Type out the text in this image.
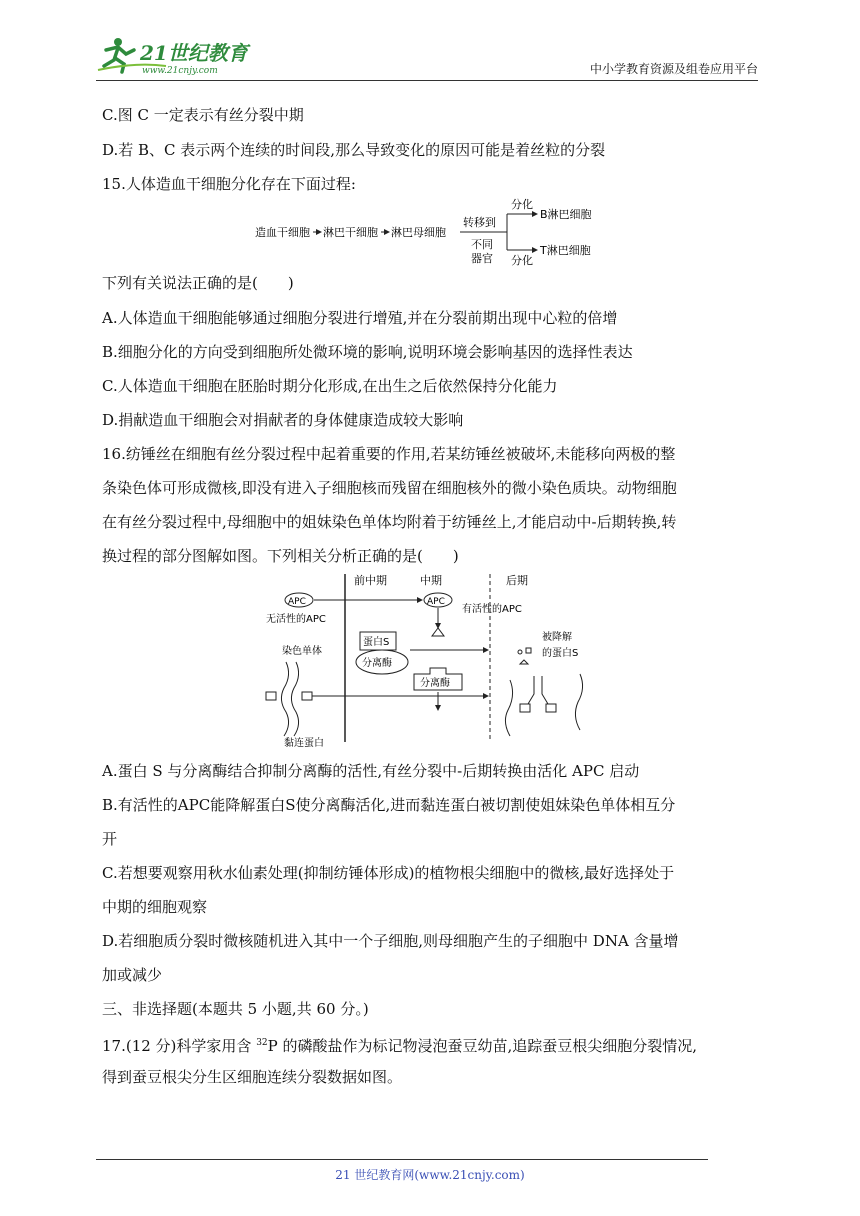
21世纪教育
www.21cnjy.com	中小学教育资源及组卷应用平台
C.图 C 一定表示有丝分裂中期
D.若 B、C 表示两个连续的时间段,那么导致变化的原因可能是着丝粒的分裂
15.人体造血干细胞分化存在下面过程:
造血干细胞 淋巴干细胞 淋巴母细胞
转移到
不同
器官
分化
分化
B淋巴细胞
T淋巴细胞
下列有关说法正确的是(　　)
A.人体造血干细胞能够通过细胞分裂进行增殖,并在分裂前期出现中心粒的倍增
B.细胞分化的方向受到细胞所处微环境的影响,说明环境会影响基因的选择性表达
C.人体造血干细胞在胚胎时期分化形成,在出生之后依然保持分化能力
D.捐献造血干细胞会对捐献者的身体健康造成较大影响
16.纺锤丝在细胞有丝分裂过程中起着重要的作用,若某纺锤丝被破坏,未能移向两极的整
条染色体可形成微核,即没有进入子细胞核而残留在细胞核外的微小染色质块。动物细胞
在有丝分裂过程中,母细胞中的姐妹染色单体均附着于纺锤丝上,才能启动中-后期转换,转
换过程的部分图解如图。下列相关分析正确的是(　　)
前中期	中期	后期
APC
无活性的APC
APC
有活性的APC
蛋白S
分离酶
分离酶
染色单体
黏连蛋白
被降解
的蛋白S
A.蛋白 S 与分离酶结合抑制分离酶的活性,有丝分裂中-后期转换由活化 APC 启动
B.有活性的APC能降解蛋白S使分离酶活化,进而黏连蛋白被切割使姐妹染色单体相互分
开
C.若想要观察用秋水仙素处理(抑制纺锤体形成)的植物根尖细胞中的微核,最好选择处于
中期的细胞观察
D.若细胞质分裂时微核随机进入其中一个子细胞,则母细胞产生的子细胞中 DNA 含量增
加或减少
三、非选择题(本题共 5 小题,共 60 分。)
17.(12 分)科学家用含 $^{32}$P 的磷酸盐作为标记物浸泡蚕豆幼苗,追踪蚕豆根尖细胞分裂情况,
得到蚕豆根尖分生区细胞连续分裂数据如图。
21 世纪教育网(www.21cnjy.com)
